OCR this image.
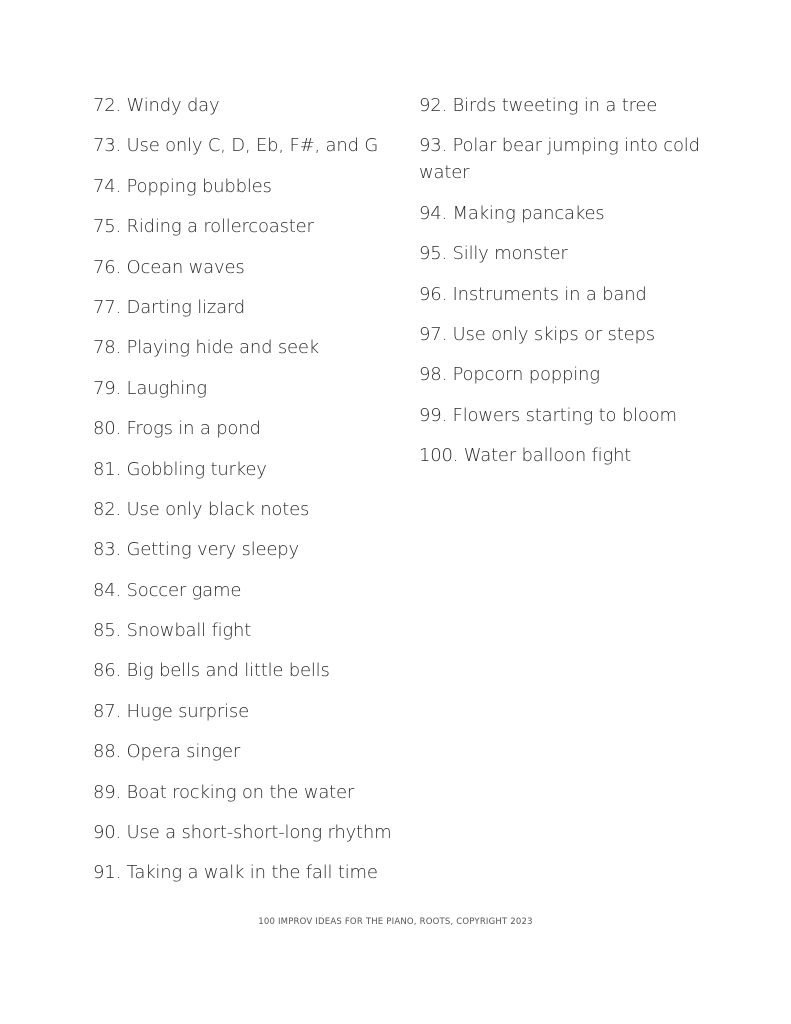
72. Windy day
73. Use only C, D, Eb, F#, and G
74. Popping bubbles
75. Riding a rollercoaster
76. Ocean waves
77. Darting lizard
78. Playing hide and seek
79. Laughing
80. Frogs in a pond
81. Gobbling turkey
82. Use only black notes
83. Getting very sleepy
84. Soccer game
85. Snowball fight
86. Big bells and little bells
87. Huge surprise
88. Opera singer
89. Boat rocking on the water
90. Use a short-short-long rhythm
91. Taking a walk in the fall time
92. Birds tweeting in a tree
93. Polar bear jumping into cold water
94. Making pancakes
95. Silly monster
96. Instruments in a band
97. Use only skips or steps
98. Popcorn popping
99. Flowers starting to bloom
100. Water balloon fight
100 IMPROV IDEAS FOR THE PIANO, ROOTS, COPYRIGHT 2023
